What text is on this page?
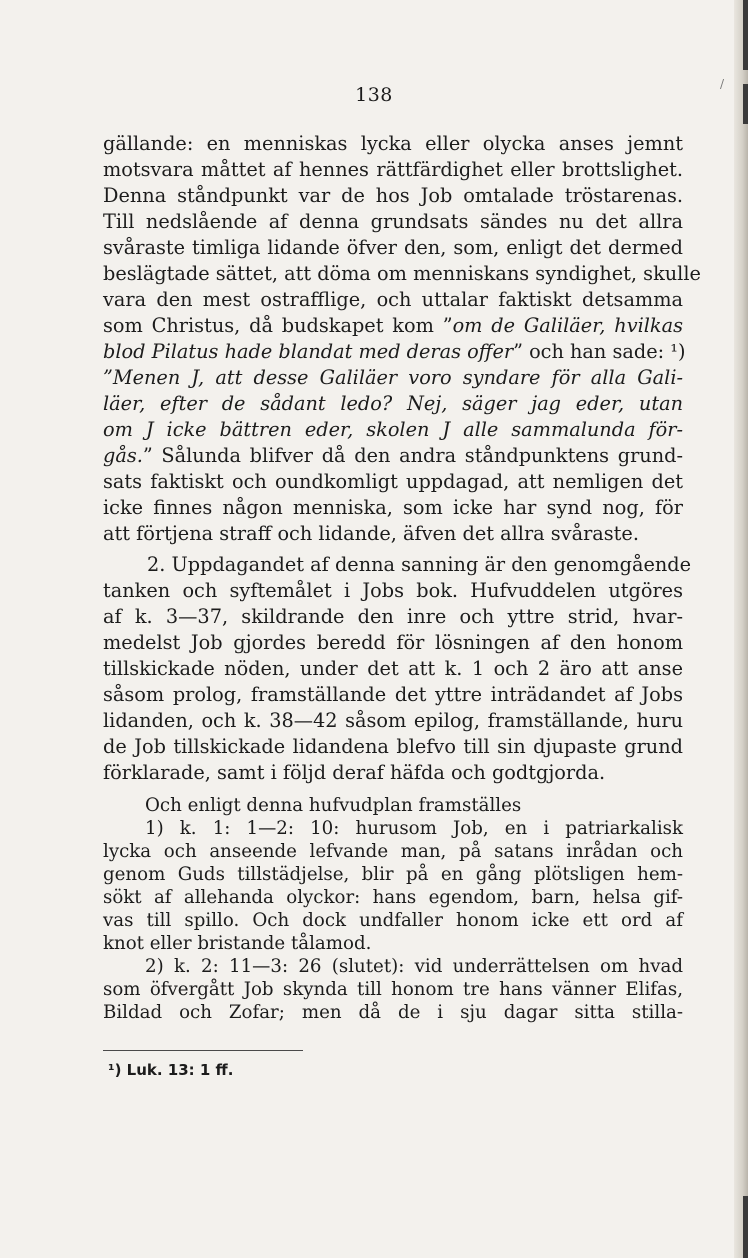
/
138
gällande: en menniskas lycka eller olycka anses jemnt
motsvara måttet af hennes rättfärdighet eller brottslighet.
Denna ståndpunkt var de hos Job omtalade tröstarenas.
Till nedslående af denna grundsats sändes nu det allra
svåraste timliga lidande öfver den, som, enligt det dermed
beslägtade sättet, att döma om menniskans syndighet, skulle
vara den mest ostrafflige, och uttalar faktiskt detsamma
som Christus, då budskapet kom ”om de Galiläer, hvilkas
blod Pilatus hade blandat med deras offer” och han sade: ¹)
”Menen J, att desse Galiläer voro syndare för alla Gali-
läer, efter de sådant ledo? Nej, säger jag eder, utan
om J icke bättren eder, skolen J alle sammalunda för-
gås.” Sålunda blifver då den andra ståndpunktens grund-
sats faktiskt och oundkomligt uppdagad, att nemligen det
icke finnes någon menniska, som icke har synd nog, för
att förtjena straff och lidande, äfven det allra svåraste.
2. Uppdagandet af denna sanning är den genomgående
tanken och syftemålet i Jobs bok. Hufvuddelen utgöres
af k. 3—37, skildrande den inre och yttre strid, hvar-
medelst Job gjordes beredd för lösningen af den honom
tillskickade nöden, under det att k. 1 och 2 äro att anse
såsom prolog, framställande det yttre inträdandet af Jobs
lidanden, och k. 38—42 såsom epilog, framställande, huru
de Job tillskickade lidandena blefvo till sin djupaste grund
förklarade, samt i följd deraf häfda och godtgjorda.
Och enligt denna hufvudplan framställes
1) k. 1: 1—2: 10: hurusom Job, en i patriarkalisk
lycka och anseende lefvande man, på satans inrådan och
genom Guds tillstädjelse, blir på en gång plötsligen hem-
sökt af allehanda olyckor: hans egendom, barn, helsa gif-
vas till spillo. Och dock undfaller honom icke ett ord af
knot eller bristande tålamod.
2) k. 2: 11—3: 26 (slutet): vid underrättelsen om hvad
som öfvergått Job skynda till honom tre hans vänner Elifas,
Bildad och Zofar; men då de i sju dagar sitta stilla-
¹) Luk. 13: 1 ff.
